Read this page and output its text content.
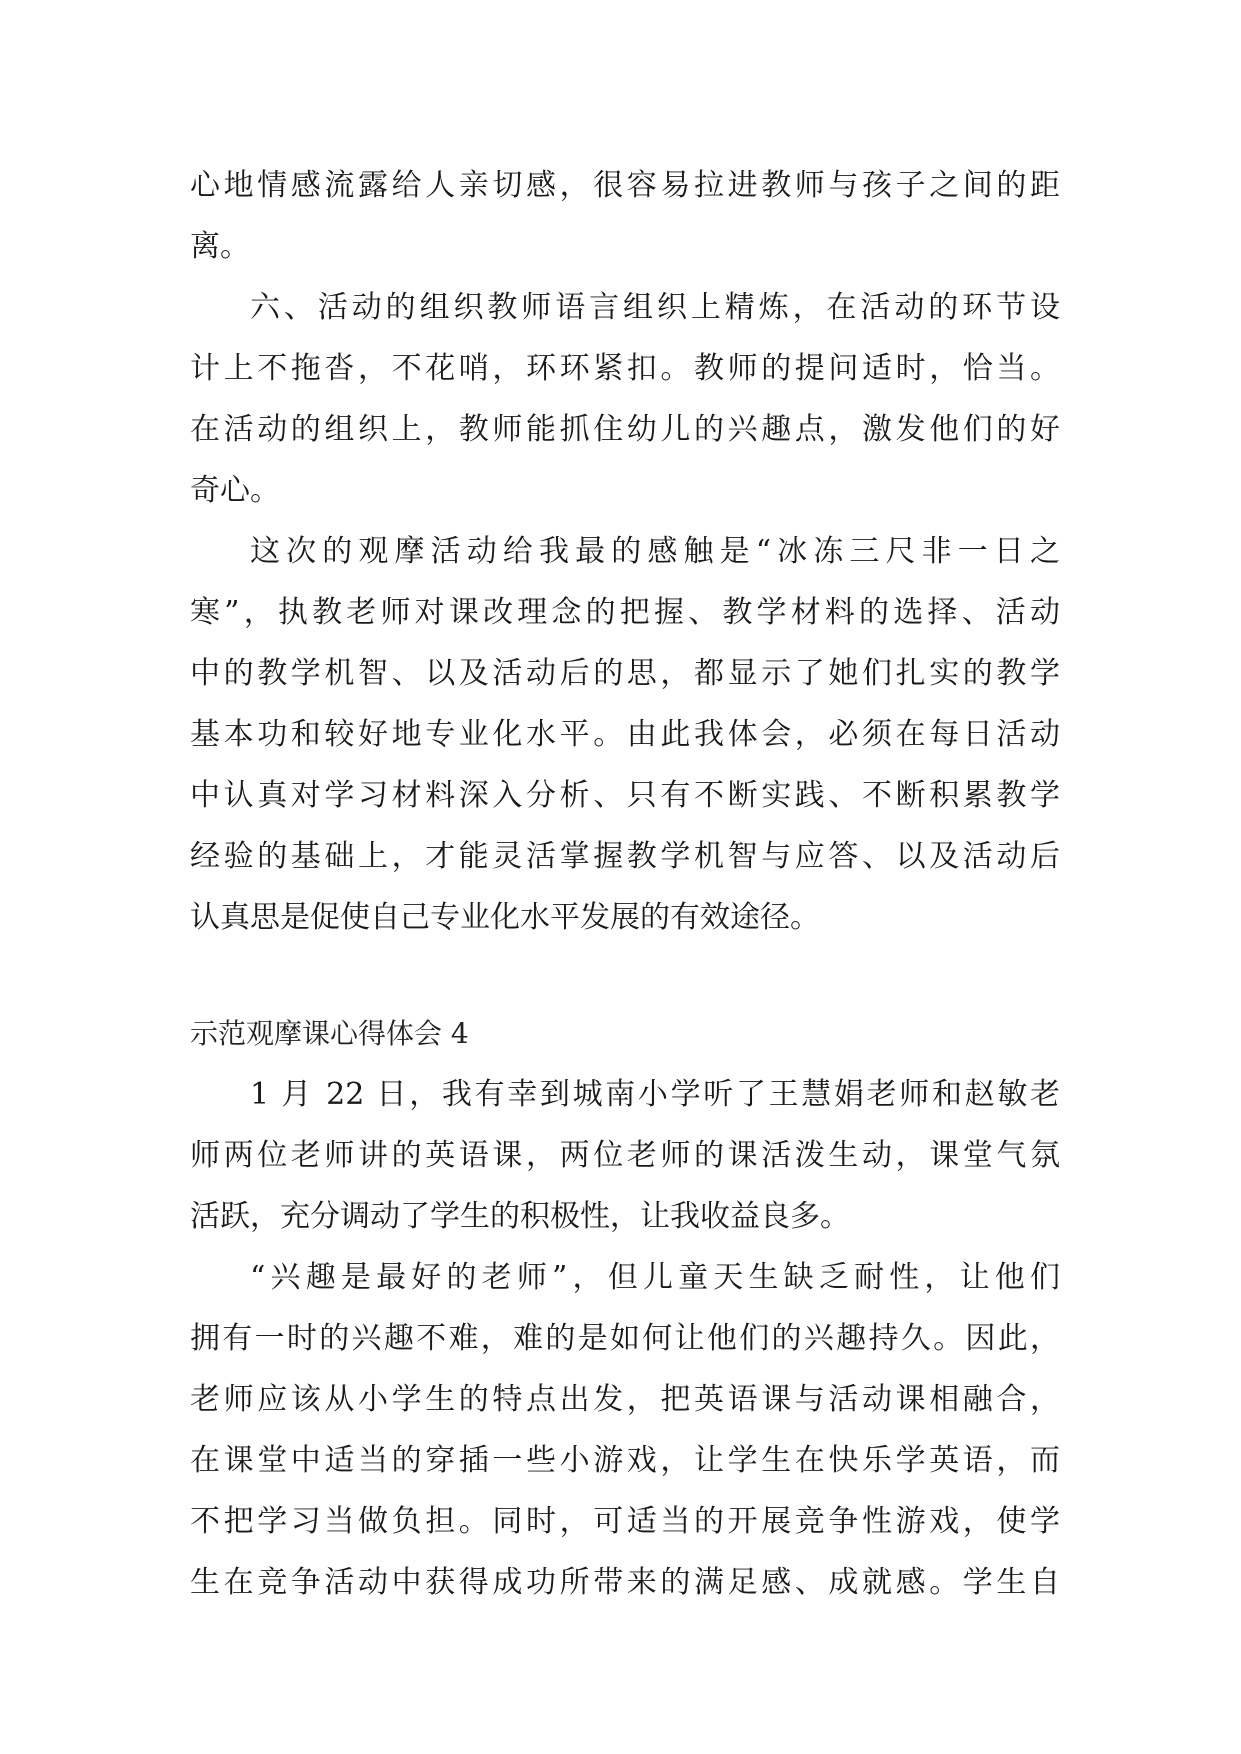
心地情感流露给人亲切感，很容易拉进教师与孩子之间的距
离。
六、活动的组织教师语言组织上精炼，在活动的环节设
计上不拖沓，不花哨，环环紧扣。教师的提问适时，恰当。
在活动的组织上，教师能抓住幼儿的兴趣点，激发他们的好
奇心。
这次的观摩活动给我最的感触是“冰冻三尺非一日之
寒”，执教老师对课改理念的把握、教学材料的选择、活动
中的教学机智、以及活动后的思，都显示了她们扎实的教学
基本功和较好地专业化水平。由此我体会，必须在每日活动
中认真对学习材料深入分析、只有不断实践、不断积累教学
经验的基础上，才能灵活掌握教学机智与应答、以及活动后
认真思是促使自己专业化水平发展的有效途径。
示范观摩课心得体会 4
1 月 22 日，我有幸到城南小学听了王慧娟老师和赵敏老
师两位老师讲的英语课，两位老师的课活泼生动，课堂气氛
活跃，充分调动了学生的积极性，让我收益良多。
“兴趣是最好的老师”，但儿童天生缺乏耐性，让他们
拥有一时的兴趣不难，难的是如何让他们的兴趣持久。因此，
老师应该从小学生的特点出发，把英语课与活动课相融合，
在课堂中适当的穿插一些小游戏，让学生在快乐学英语，而
不把学习当做负担。同时，可适当的开展竞争性游戏，使学
生在竞争活动中获得成功所带来的满足感、成就感。学生自
